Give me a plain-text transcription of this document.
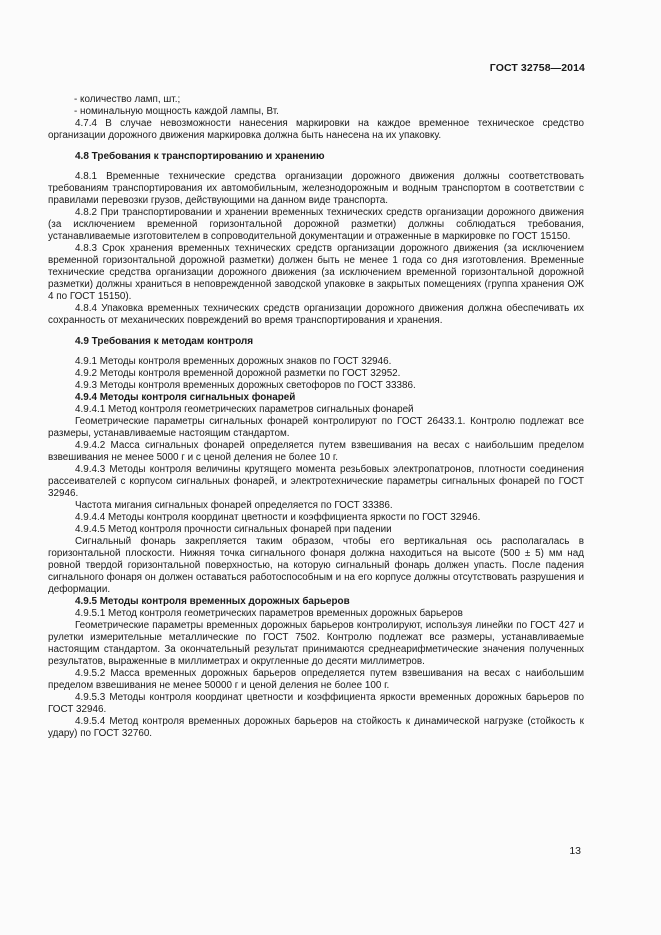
ГОСТ 32758—2014

- количество ламп, шт.;

- номинальную мощность каждой лампы, Вт.

4.7.4 В случае невозможности нанесения маркировки на каждое временное техническое средство организации дорожного движения маркировка должна быть нанесена на их упаковку.

4.8 Требования к транспортированию и хранению

4.8.1 Временные технические средства организации дорожного движения должны соответствовать требованиям транспортирования их автомобильным, железнодорожным и водным транспортом в соответствии с правилами перевозки грузов, действующими на данном виде транспорта.

4.8.2 При транспортировании и хранении временных технических средств организации дорожного движения (за исключением временной горизонтальной дорожной разметки) должны соблюдаться требования, устанавливаемые изготовителем в сопроводительной документации и отраженные в маркировке по ГОСТ 15150.

4.8.3 Срок хранения временных технических средств организации дорожного движения (за исключением временной горизонтальной дорожной разметки) должен быть не менее 1 года со дня изготовления. Временные технические средства организации дорожного движения (за исключением временной горизонтальной дорожной разметки) должны храниться в неповрежденной заводской упаковке в закрытых помещениях (группа хранения ОЖ 4 по ГОСТ 15150).

4.8.4 Упаковка временных технических средств организации дорожного движения должна обеспечивать их сохранность от механических повреждений во время транспортирования и хранения.

4.9 Требования к методам контроля

4.9.1 Методы контроля временных дорожных знаков по ГОСТ 32946.

4.9.2 Методы контроля временной дорожной разметки по ГОСТ 32952.

4.9.3 Методы контроля временных дорожных светофоров по ГОСТ 33386.

4.9.4 Методы контроля сигнальных фонарей

4.9.4.1 Метод контроля геометрических параметров сигнальных фонарей

Геометрические параметры сигнальных фонарей контролируют по ГОСТ 26433.1. Контролю подлежат все размеры, устанавливаемые настоящим стандартом.

4.9.4.2 Масса сигнальных фонарей определяется путем взвешивания на весах с наибольшим пределом взвешивания не менее 5000 г и с ценой деления не более 10 г.

4.9.4.3 Методы контроля величины крутящего момента резьбовых электропатронов, плотности соединения рассеивателей с корпусом сигнальных фонарей, и электротехнические параметры сигнальных фонарей по ГОСТ 32946.

Частота мигания сигнальных фонарей определяется по ГОСТ 33386.

4.9.4.4 Методы контроля координат цветности и коэффициента яркости по ГОСТ 32946.

4.9.4.5 Метод контроля прочности сигнальных фонарей при падении

Сигнальный фонарь закрепляется таким образом, чтобы его вертикальная ось располагалась в горизонтальной плоскости. Нижняя точка сигнального фонаря должна находиться на высоте (500 ± 5) мм над ровной твердой горизонтальной поверхностью, на которую сигнальный фонарь должен упасть. После падения сигнального фонаря он должен оставаться работоспособным и на его корпусе должны отсутствовать разрушения и деформации.

4.9.5 Методы контроля временных дорожных барьеров

4.9.5.1 Метод контроля геометрических параметров временных дорожных барьеров

Геометрические параметры временных дорожных барьеров контролируют, используя линейки по ГОСТ 427 и рулетки измерительные металлические по ГОСТ 7502. Контролю подлежат все размеры, устанавливаемые настоящим стандартом. За окончательный результат принимаются среднеарифметические значения полученных результатов, выраженные в миллиметрах и округленные до десяти миллиметров.

4.9.5.2 Масса временных дорожных барьеров определяется путем взвешивания на весах с наибольшим пределом взвешивания не менее 50000 г и ценой деления не более 100 г.

4.9.5.3 Методы контроля координат цветности и коэффициента яркости временных дорожных барьеров по ГОСТ 32946.

4.9.5.4 Метод контроля временных дорожных барьеров на стойкость к динамической нагрузке (стойкость к удару) по ГОСТ 32760.

13
